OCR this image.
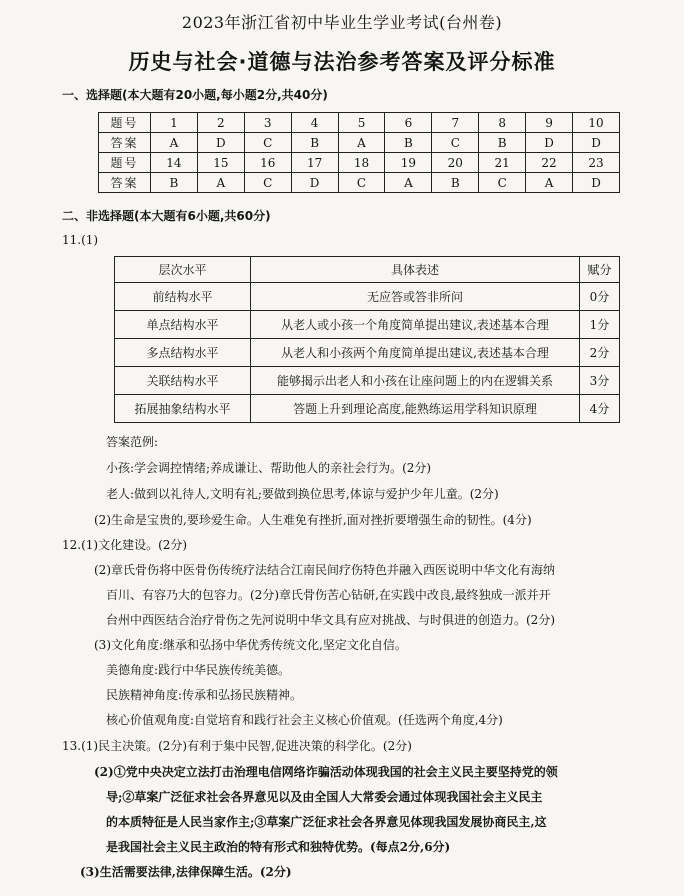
2023年浙江省初中毕业生学业考试(台州卷)
历史与社会·道德与法治参考答案及评分标准
一、选择题(本大题有20小题,每小题2分,共40分)
题号	1	2	3	4	5	6	7	8	9	10
答案	A	D	C	B	A	B	C	B	D	D
题号	14	15	16	17	18	19	20	21	22	23
答案	B	A	C	D	C	A	B	C	A	D
二、非选择题(本大题有6小题,共60分)
11.(1)
层次水平	具体表述	赋分
前结构水平	无应答或答非所问	0分
单点结构水平	从老人或小孩一个角度简单提出建议,表述基本合理	1分
多点结构水平	从老人和小孩两个角度简单提出建议,表述基本合理	2分
关联结构水平	能够揭示出老人和小孩在让座问题上的内在逻辑关系	3分
拓展抽象结构水平	答题上升到理论高度,能熟练运用学科知识原理	4分
答案范例:
小孩:学会调控情绪;养成谦让、帮助他人的亲社会行为。(2分)
老人:做到以礼待人,文明有礼;要做到换位思考,体谅与爱护少年儿童。(2分)
(2)生命是宝贵的,要珍爱生命。人生难免有挫折,面对挫折要增强生命的韧性。(4分)
12.(1)文化建设。(2分)
(2)章氏骨伤将中医骨伤传统疗法结合江南民间疗伤特色并融入西医说明中华文化有海纳
百川、有容乃大的包容力。(2分)章氏骨伤苦心钻研,在实践中改良,最终独成一派并开
台州中西医结合治疗骨伤之先河说明中华文具有应对挑战、与时俱进的创造力。(2分)
(3)文化角度:继承和弘扬中华优秀传统文化,坚定文化自信。
美德角度:践行中华民族传统美德。
民族精神角度:传承和弘扬民族精神。
核心价值观角度:自觉培育和践行社会主义核心价值观。(任选两个角度,4分)
13.(1)民主决策。(2分)有利于集中民智,促进决策的科学化。(2分)
(2)①党中央决定立法打击治理电信网络诈骗活动体现我国的社会主义民主要坚持党的领
导;②草案广泛征求社会各界意见以及由全国人大常委会通过体现我国社会主义民主
的本质特征是人民当家作主;③草案广泛征求社会各界意见体现我国发展协商民主,这
是我国社会主义民主政治的特有形式和独特优势。(每点2分,6分)
(3)生活需要法律,法律保障生活。(2分)
